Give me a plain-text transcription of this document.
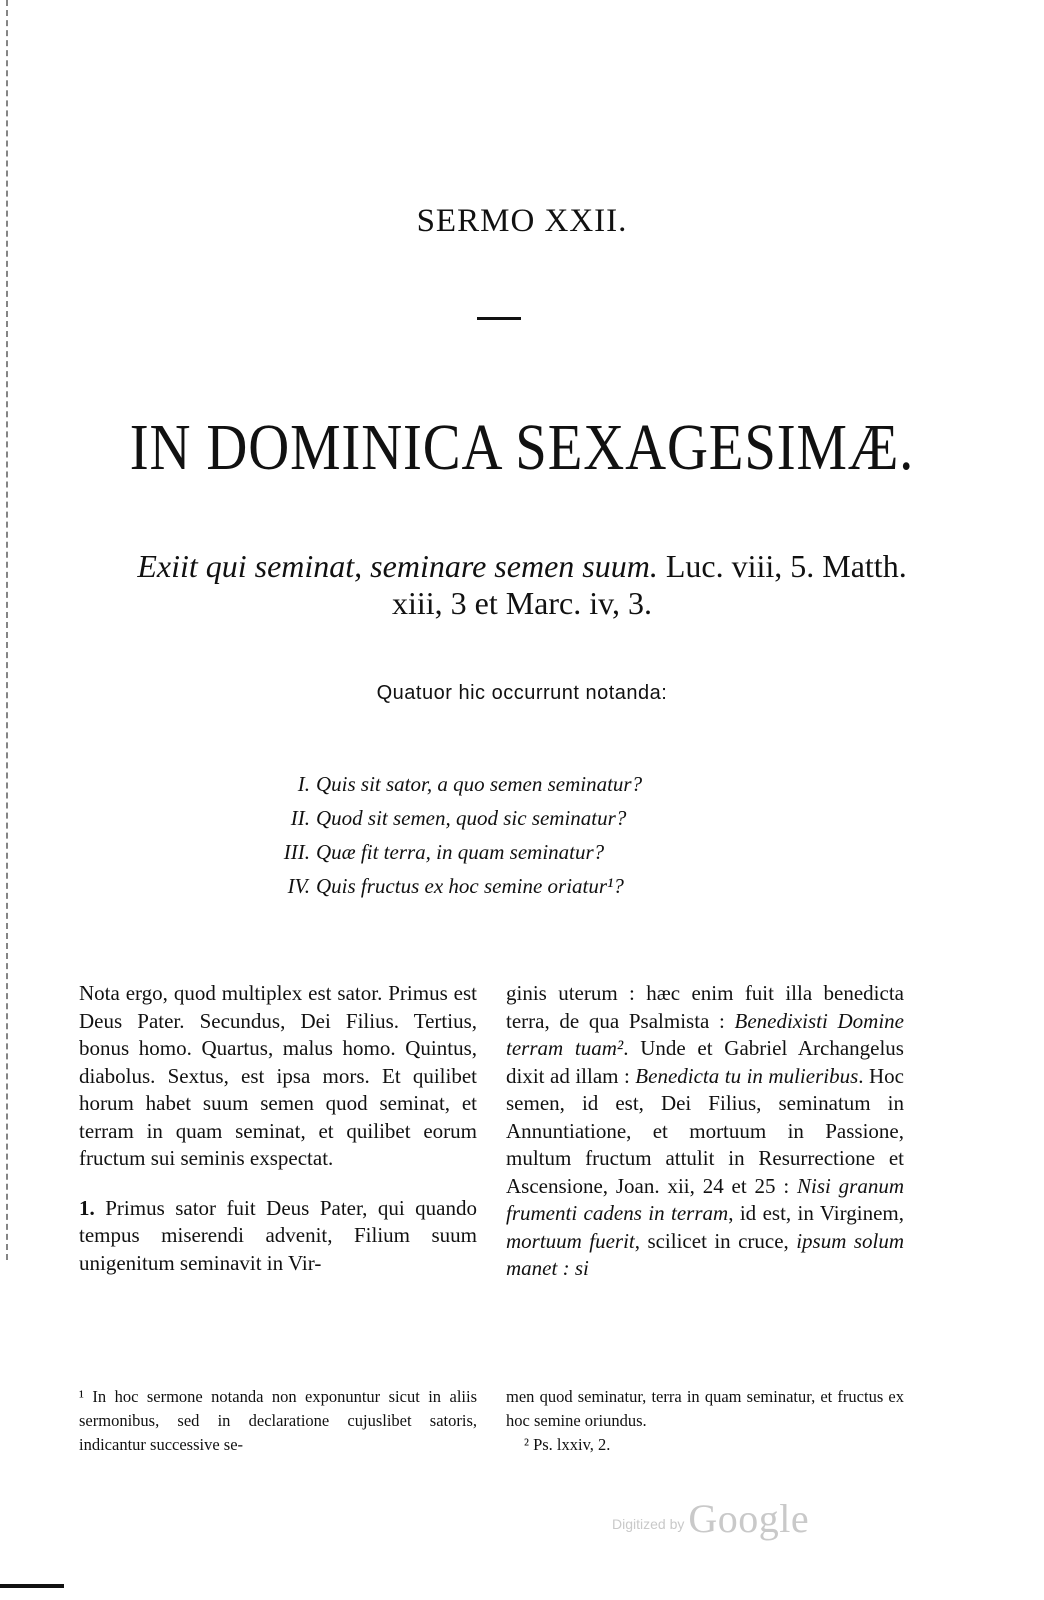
SERMO XXII.
IN DOMINICA SEXAGESIMÆ.
Exiit qui seminat, seminare semen suum. Luc. viii, 5. Matth.
xiii, 3 et Marc. iv, 3.
Quatuor hic occurrunt notanda:
I. Quis sit sator, a quo semen seminatur?
II. Quod sit semen, quod sic seminatur?
III. Quæ fit terra, in quam seminatur?
IV. Quis fructus ex hoc semine oriatur¹?

Nota ergo, quod multiplex est sator. Primus est Deus Pater. Secundus, Dei Filius. Tertius, bonus homo. Quartus, malus homo. Quintus, diabolus. Sextus, est ipsa mors. Et quilibet horum habet suum semen quod seminat, et terram in quam seminat, et quilibet eorum fructum sui seminis exspectat.

1. Primus sator fuit Deus Pater, qui quando tempus miserendi advenit, Filium suum unigenitum seminavit in Vir-

ginis uterum : hæc enim fuit illa benedicta terra, de qua Psalmista : Benedixisti Domine terram tuam². Unde et Gabriel Archangelus dixit ad illam : Benedicta tu in mulieribus. Hoc semen, id est, Dei Filius, seminatum in Annuntiatione, et mortuum in Passione, multum fructum attulit in Resurrectione et Ascensione, Joan. xii, 24 et 25 : Nisi granum frumenti cadens in terram, id est, in Virginem, mortuum fuerit, scilicet in cruce, ipsum solum manet : si

¹ In hoc sermone notanda non exponuntur sicut in aliis sermonibus, sed in declaratione cujuslibet satoris, indicantur successive se-

men quod seminatur, terra in quam seminatur, et fructus ex hoc semine oriundus.

² Ps. lxxiv, 2.

Digitized by Google
